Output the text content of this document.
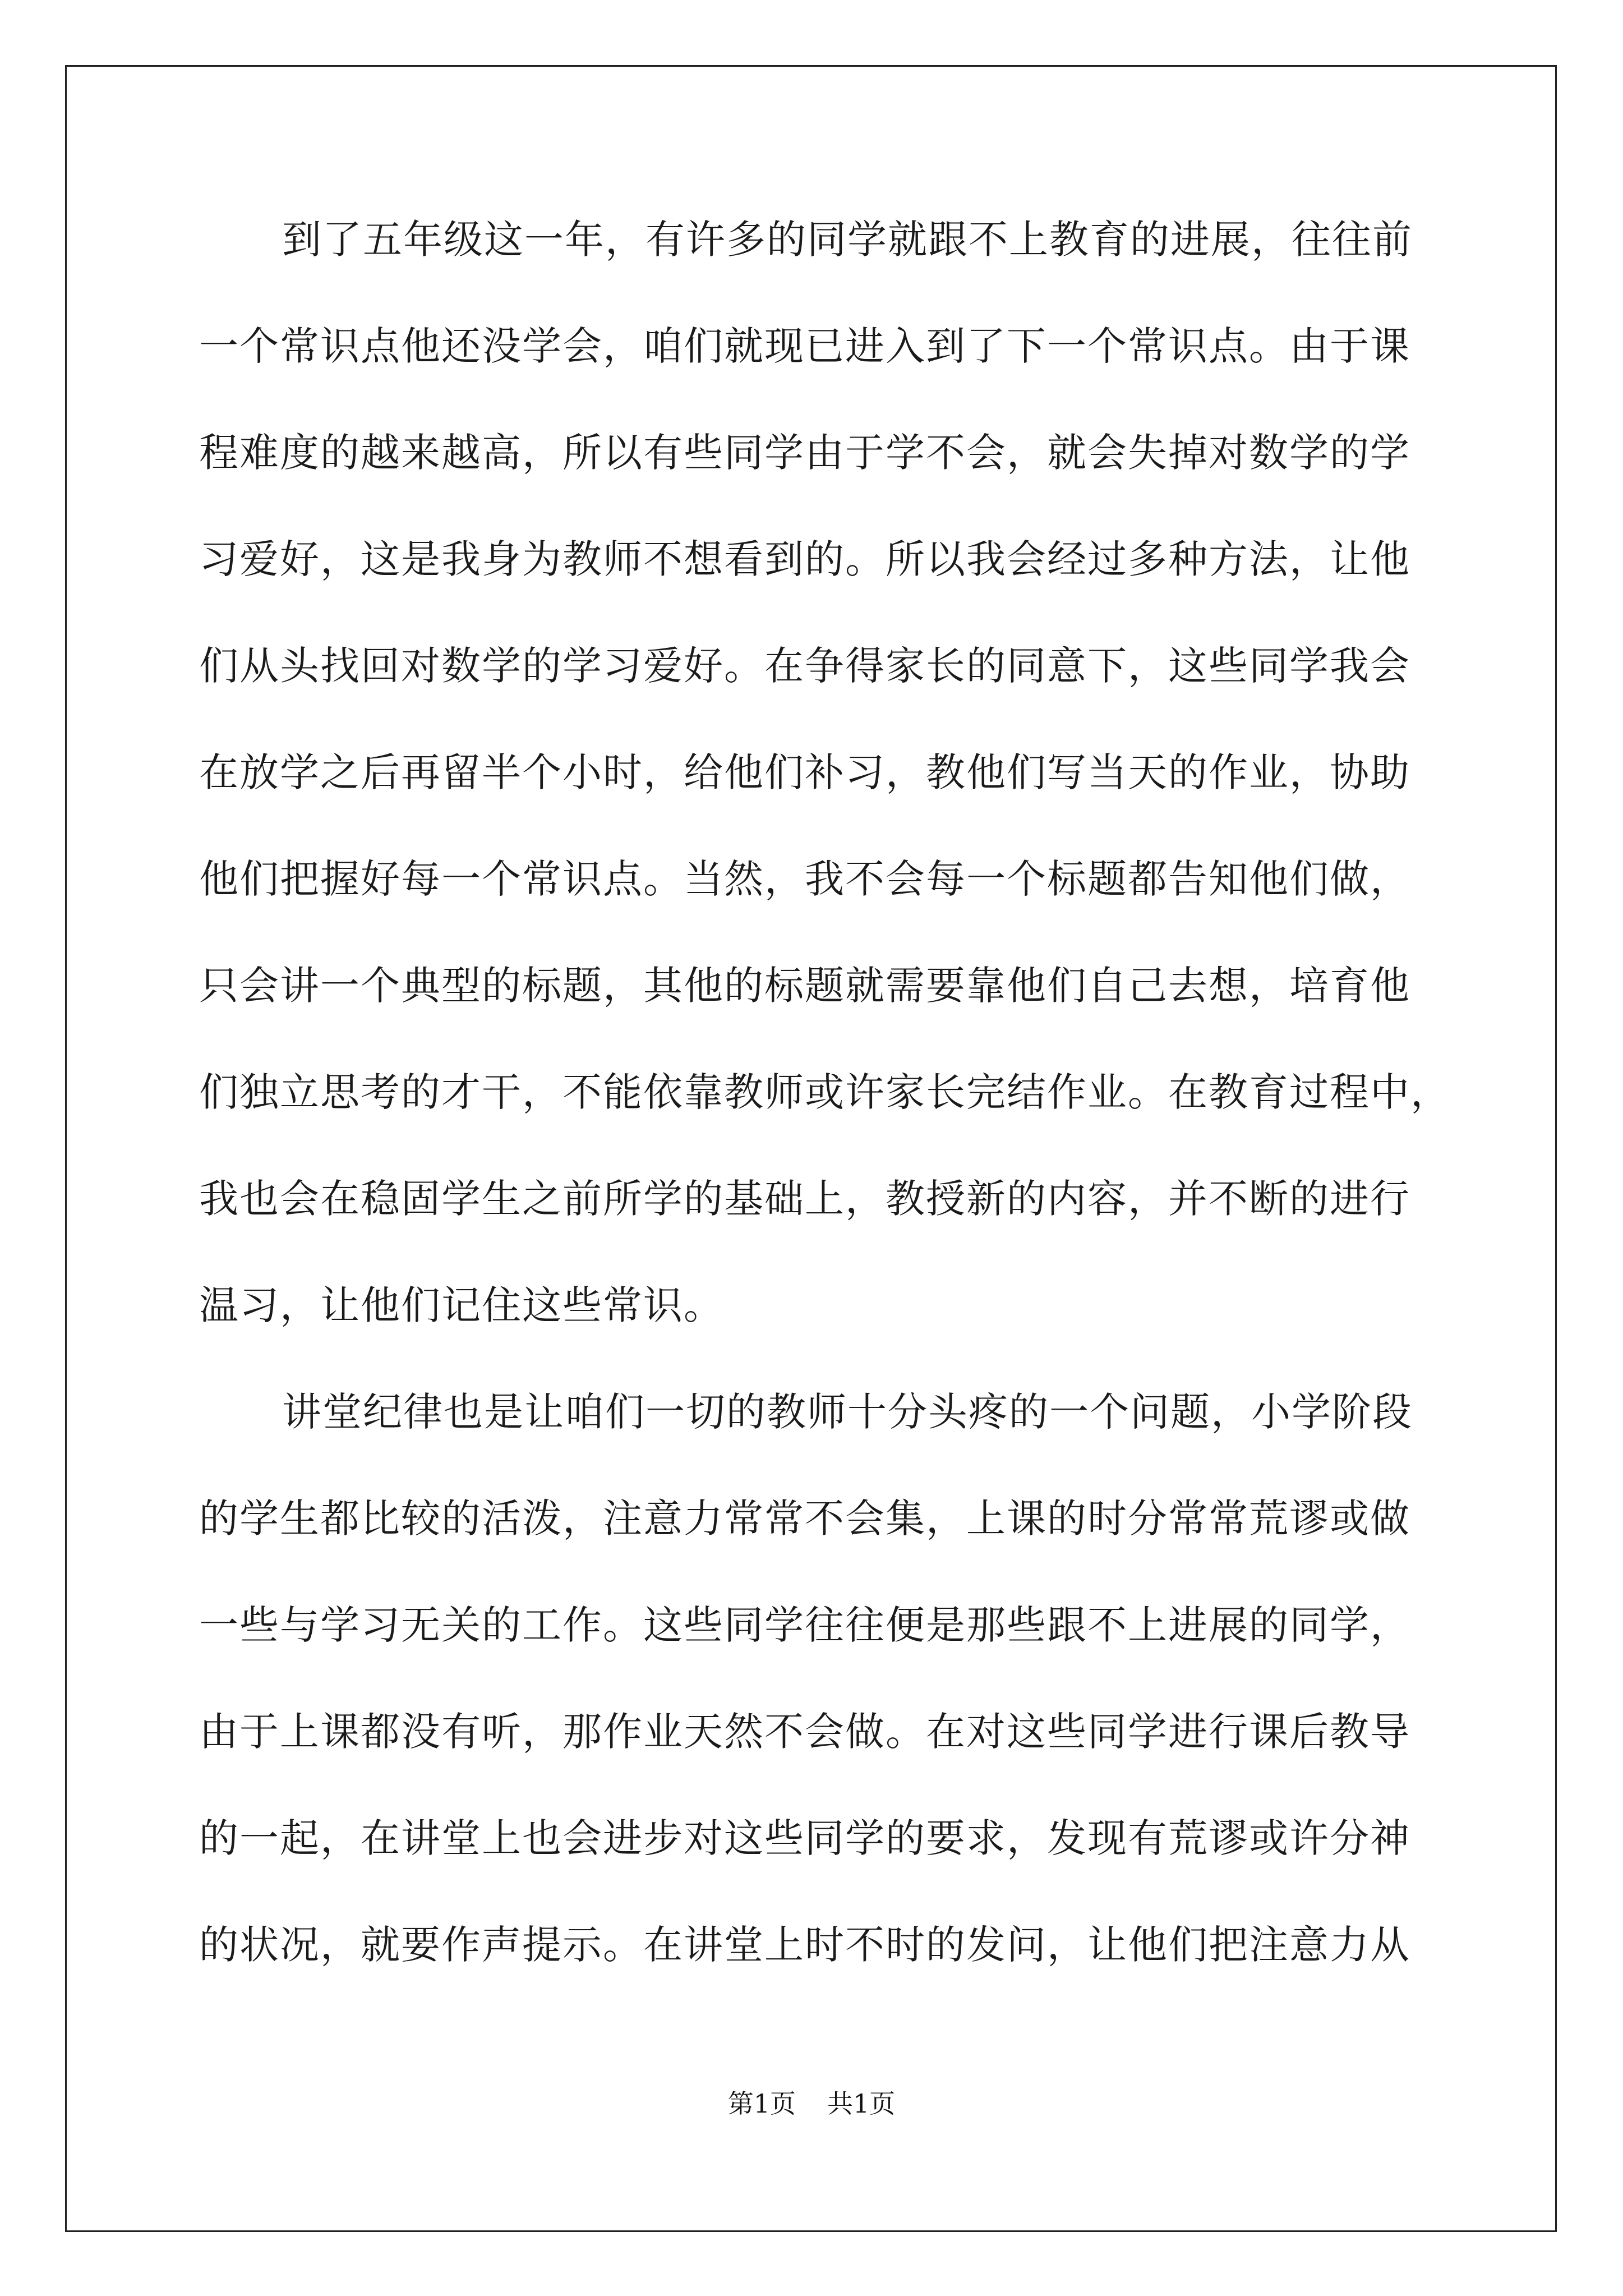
到了五年级这一年，有许多的同学就跟不上教育的进展，往往前

一个常识点他还没学会，咱们就现已进入到了下一个常识点。由于课

程难度的越来越高，所以有些同学由于学不会，就会失掉对数学的学

习爱好，这是我身为教师不想看到的。所以我会经过多种方法，让他

们从头找回对数学的学习爱好。在争得家长的同意下，这些同学我会

在放学之后再留半个小时，给他们补习，教他们写当天的作业，协助

他们把握好每一个常识点。当然，我不会每一个标题都告知他们做，

只会讲一个典型的标题，其他的标题就需要靠他们自己去想，培育他

们独立思考的才干，不能依靠教师或许家长完结作业。在教育过程中，

我也会在稳固学生之前所学的基础上，教授新的内容，并不断的进行

温习，让他们记住这些常识。

讲堂纪律也是让咱们一切的教师十分头疼的一个问题，小学阶段

的学生都比较的活泼，注意力常常不会集，上课的时分常常荒谬或做

一些与学习无关的工作。这些同学往往便是那些跟不上进展的同学，

由于上课都没有听，那作业天然不会做。在对这些同学进行课后教导

的一起，在讲堂上也会进步对这些同学的要求，发现有荒谬或许分神

的状况，就要作声提示。在讲堂上时不时的发问，让他们把注意力从

第1页 共1页
